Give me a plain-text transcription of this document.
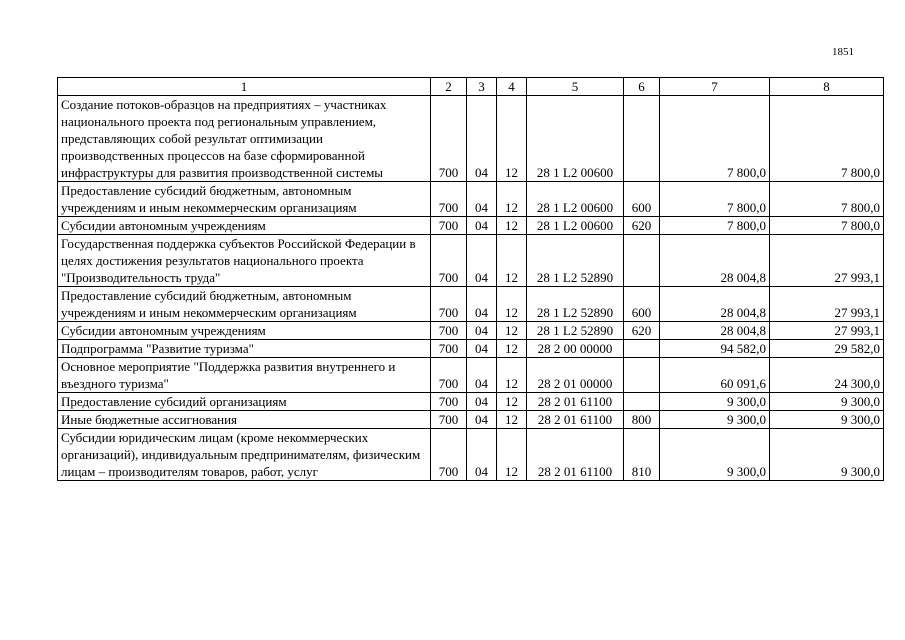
1851
1	2	3	4	5	6	7	8
Создание потоков-образцов на предприятиях – участниках национального проекта под региональным управлением, представляющих собой результат оптимизации производственных процессов на базе сформированной инфраструктуры для развития производственной системы	700	04	12	28 1 L2 00600		7 800,0	7 800,0
Предоставление субсидий бюджетным, автономным учреждениям и иным некоммерческим организациям	700	04	12	28 1 L2 00600	600	7 800,0	7 800,0
Субсидии автономным учреждениям	700	04	12	28 1 L2 00600	620	7 800,0	7 800,0
Государственная поддержка субъектов Российской Федерации в целях достижения результатов национального проекта "Производительность труда"	700	04	12	28 1 L2 52890		28 004,8	27 993,1
Предоставление субсидий бюджетным, автономным учреждениям и иным некоммерческим организациям	700	04	12	28 1 L2 52890	600	28 004,8	27 993,1
Субсидии автономным учреждениям	700	04	12	28 1 L2 52890	620	28 004,8	27 993,1
Подпрограмма "Развитие туризма"	700	04	12	28 2 00 00000		94 582,0	29 582,0
Основное мероприятие "Поддержка развития внутреннего и въездного туризма"	700	04	12	28 2 01 00000		60 091,6	24 300,0
Предоставление субсидий организациям	700	04	12	28 2 01 61100		9 300,0	9 300,0
Иные бюджетные ассигнования	700	04	12	28 2 01 61100	800	9 300,0	9 300,0
Субсидии юридическим лицам (кроме некоммерческих организаций), индивидуальным предпринимателям, физическим лицам – производителям товаров, работ, услуг	700	04	12	28 2 01 61100	810	9 300,0	9 300,0
